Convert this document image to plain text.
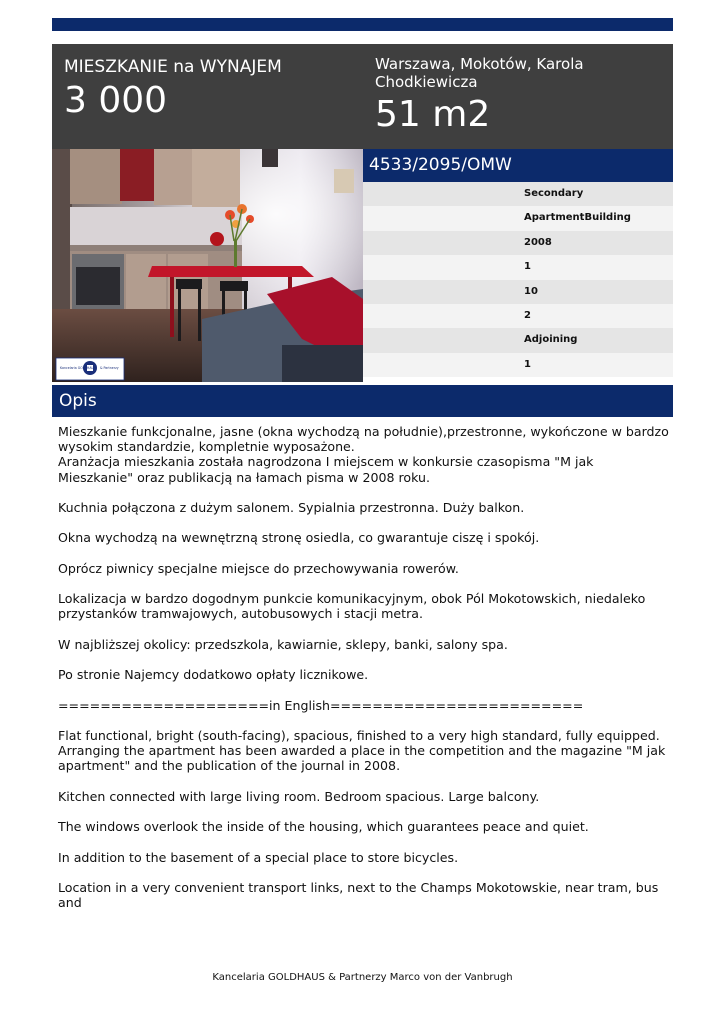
MIESZKANIE na WYNAJEM
3 000
Warszawa, Mokotów, Karola Chodkiewicza
51 m2
Kancelaria GOLDHAUS & Partnerzy
4533/2095/OMW
Secondary
ApartmentBuilding
2008
1
10
2
Adjoining
1
Opis

Mieszkanie funkcjonalne, jasne (okna wychodzą na południe),przestronne, wykończone w bardzo wysokim standardzie, kompletnie wyposażone.
Aranżacja mieszkania została nagrodzona I miejscem w konkursie czasopisma "M jak Mieszkanie" oraz publikacją na łamach pisma w 2008 roku.

Kuchnia połączona z dużym salonem. Sypialnia przestronna. Duży balkon.

Okna wychodzą na wewnętrzną stronę osiedla, co gwarantuje ciszę i spokój.

Oprócz piwnicy specjalne miejsce do przechowywania rowerów.

Lokalizacja w bardzo dogodnym punkcie komunikacyjnym, obok Pól Mokotowskich, niedaleko przystanków tramwajowych, autobusowych i stacji metra.

W najbliższej okolicy: przedszkola, kawiarnie, sklepy, banki, salony spa.

Po stronie Najemcy dodatkowo opłaty licznikowe.

====================in English========================

Flat functional, bright (south-facing), spacious, finished to a very high standard, fully equipped. Arranging the apartment has been awarded a place in the competition and the magazine "M jak apartment" and the publication of the journal in 2008.

Kitchen connected with large living room. Bedroom spacious. Large balcony.

The windows overlook the inside of the housing, which guarantees peace and quiet.

In addition to the basement of a special place to store bicycles.

Location in a very convenient transport links, next to the Champs Mokotowskie, near tram, bus and

Kancelaria GOLDHAUS & Partnerzy Marco von der Vanbrugh
